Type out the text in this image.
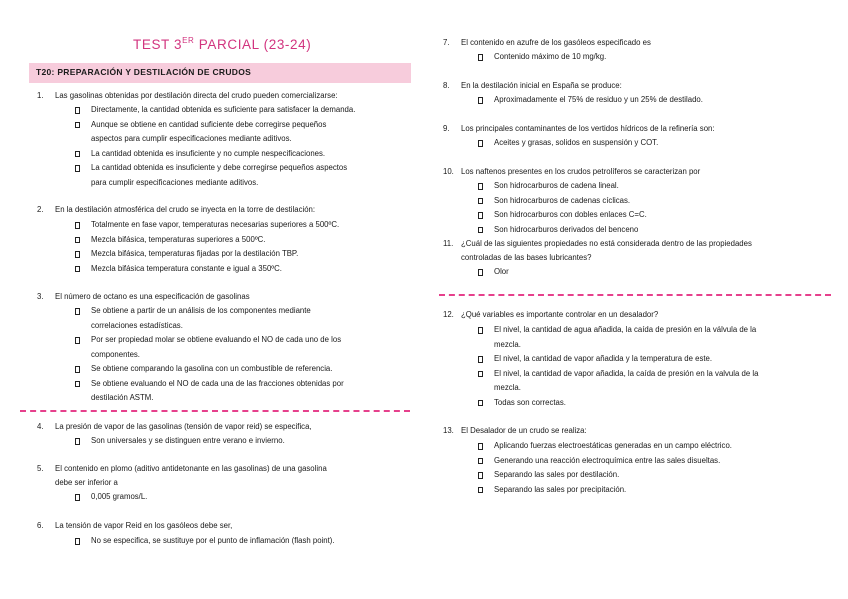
TEST 3ER PARCIAL (23-24)
T20: PREPARACIÓN Y DESTILACIÓN DE CRUDOS
1. Las gasolinas obtenidas por destilación directa del crudo pueden comercializarse:
Directamente, la cantidad obtenida es suficiente para satisfacer la demanda.
Aunque se obtiene en cantidad suficiente debe corregirse pequeños
aspectos para cumplir especificaciones mediante aditivos.
La cantidad obtenida es insuficiente y no cumple nespecificaciones.
La cantidad obtenida es insuficiente y debe corregirse pequeños aspectos
para cumplir especificaciones mediante aditivos.
2. En la destilación atmosférica del crudo se inyecta en la torre de destilación:
Totalmente en fase vapor, temperaturas necesarias superiores a 500ºC.
Mezcla bifásica, temperaturas superiores a 500ºC.
Mezcla bifásica, temperaturas fijadas por la destilación TBP.
Mezcla bifásica temperatura constante e igual a 350ºC.
3. El número de octano es una especificación de gasolinas
Se obtiene a partir de un análisis de los componentes mediante
correlaciones estadísticas.
Por ser propiedad molar se obtiene evaluando el NO de cada uno de los
componentes.
Se obtiene comparando la gasolina con un combustible de referencia.
Se obtiene evaluando el NO de cada una de las fracciones obtenidas por
destilación ASTM.
4. La presión de vapor de las gasolinas (tensión de vapor reid) se especifica,
Son universales y se distinguen entre verano e invierno.
5. El contenido en plomo (aditivo antidetonante en las gasolinas) de una gasolina
debe ser inferior a
0,005 gramos/L.
6. La tensión de vapor Reid en los gasóleos debe ser,
No se especifica, se sustituye por el punto de inflamación (flash point).
7. El contenido en azufre de los gasóleos especificado es
Contenido máximo de 10 mg/kg.
8. En la destilación inicial en España se produce:
Aproximadamente el 75% de residuo y un 25% de destilado.
9. Los principales contaminantes de los vertidos hídricos de la refinería son:
Aceites y grasas, solidos en suspensión y COT.
10. Los naftenos presentes en los crudos petrolíferos se caracterizan por
Son hidrocarburos de cadena lineal.
Son hidrocarburos de cadenas cíclicas.
Son hidrocarburos con dobles enlaces C=C.
Son hidrocarburos derivados del benceno
11. ¿Cuál de las siguientes propiedades no está considerada dentro de las propiedades
controladas de las bases lubricantes?
Olor
12. ¿Qué variables es importante controlar en un desalador?
El nivel, la cantidad de agua añadida, la caída de presión en la válvula de la
mezcla.
El nivel, la cantidad de vapor añadida y la temperatura de este.
El nivel, la cantidad de vapor añadida, la caída de presión en la valvula de la
mezcla.
Todas son correctas.
13. El Desalador de un crudo se realiza:
Aplicando fuerzas electroestáticas generadas en un campo eléctrico.
Generando una reacción electroquímica entre las sales disueltas.
Separando las sales por destilación.
Separando las sales por precipitación.
